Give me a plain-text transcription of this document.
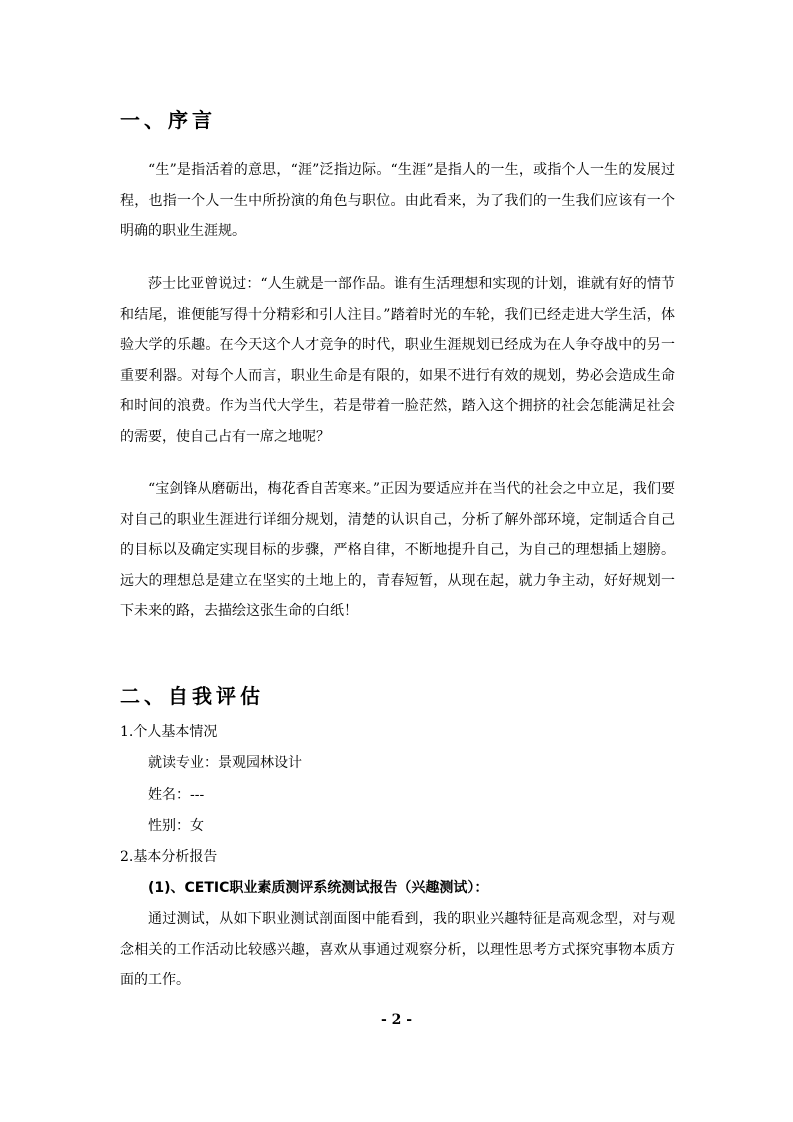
一、序言

“生”是指活着的意思，“涯”泛指边际。“生涯”是指人的一生，或指个人一生的发展过程，也指一个人一生中所扮演的角色与职位。由此看来，为了我们的一生我们应该有一个明确的职业生涯规。

莎士比亚曾说过：“人生就是一部作品。谁有生活理想和实现的计划，谁就有好的情节和结尾，谁便能写得十分精彩和引人注目。”踏着时光的车轮，我们已经走进大学生活，体验大学的乐趣。在今天这个人才竞争的时代，职业生涯规划已经成为在人争夺战中的另一重要利器。对每个人而言，职业生命是有限的，如果不进行有效的规划，势必会造成生命和时间的浪费。作为当代大学生，若是带着一脸茫然，踏入这个拥挤的社会怎能满足社会的需要，使自己占有一席之地呢？

“宝剑锋从磨砺出，梅花香自苦寒来。”正因为要适应并在当代的社会之中立足，我们要对自己的职业生涯进行详细分规划，清楚的认识自己，分析了解外部环境，定制适合自己的目标以及确定实现目标的步骤，严格自律，不断地提升自己，为自己的理想插上翅膀。远大的理想总是建立在坚实的土地上的，青春短暂，从现在起，就力争主动，好好规划一下未来的路，去描绘这张生命的白纸！

二、自我评估
1.个人基本情况
就读专业：景观园林设计
姓名：---
性别：女
2.基本分析报告
(1)、CETIC职业素质测评系统测试报告（兴趣测试）：

通过测试，从如下职业测试剖面图中能看到，我的职业兴趣特征是高观念型，对与观念相关的工作活动比较感兴趣，喜欢从事通过观察分析，以理性思考方式探究事物本质方面的工作。

- 2 -
